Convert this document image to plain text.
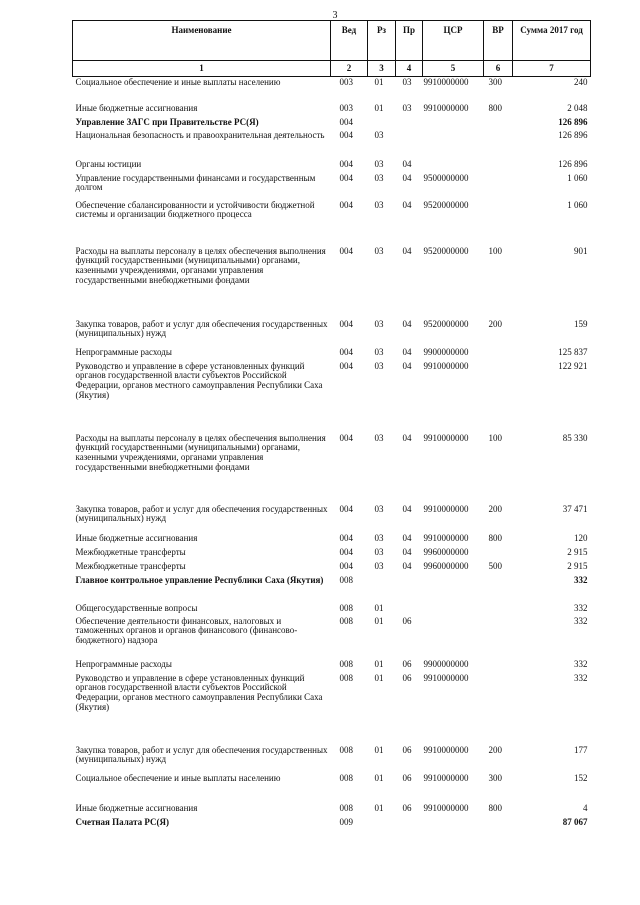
3
Наименование	Вед	Рз	Пр	ЦСР	ВР	Сумма 2017 год
1	2	3	4	5	6	7
Социальное обеспечение и иные выплаты населению	003	01	03	9910000000	300	240
Иные бюджетные ассигнования	003	01	03	9910000000	800	2 048
Управление ЗАГС при Правительстве РС(Я)	004					126 896
Национальная безопасность и правоохранительная деятельность	004	03				126 896
Органы юстиции	004	03	04			126 896
Управление государственными финансами и государственным долгом	004	03	04	9500000000		1 060
Обеспечение сбалансированности и устойчивости бюджетной системы и организации бюджетного процесса	004	03	04	9520000000		1 060
Расходы на выплаты персоналу в целях обеспечения выполнения функций государственными (муниципальными) органами, казенными учреждениями, органами управления государственными внебюджетными фондами	004	03	04	9520000000	100	901
Закупка товаров, работ и услуг для обеспечения государственных (муниципальных) нужд	004	03	04	9520000000	200	159
Непрограммные расходы	004	03	04	9900000000		125 837
Руководство и управление в сфере установленных функций органов государственной власти субъектов Российской Федерации, органов местного самоуправления Республики Саха (Якутия)	004	03	04	9910000000		122 921
Расходы на выплаты персоналу в целях обеспечения выполнения функций государственными (муниципальными) органами, казенными учреждениями, органами управления государственными внебюджетными фондами	004	03	04	9910000000	100	85 330
Закупка товаров, работ и услуг для обеспечения государственных (муниципальных) нужд	004	03	04	9910000000	200	37 471
Иные бюджетные ассигнования	004	03	04	9910000000	800	120
Межбюджетные трансферты	004	03	04	9960000000		2 915
Межбюджетные трансферты	004	03	04	9960000000	500	2 915
Главное контрольное управление Республики Саха (Якутия)	008					332
Общегосударственные вопросы	008	01				332
Обеспечение деятельности финансовых, налоговых и таможенных органов и органов финансового (финансово-бюджетного) надзора	008	01	06			332
Непрограммные расходы	008	01	06	9900000000		332
Руководство и управление в сфере установленных функций органов государственной власти субъектов Российской Федерации, органов местного самоуправления Республики Саха (Якутия)	008	01	06	9910000000		332
Закупка товаров, работ и услуг для обеспечения государственных (муниципальных) нужд	008	01	06	9910000000	200	177
Социальное обеспечение и иные выплаты населению	008	01	06	9910000000	300	152
Иные бюджетные ассигнования	008	01	06	9910000000	800	4
Счетная Палата РС(Я)	009					87 067
